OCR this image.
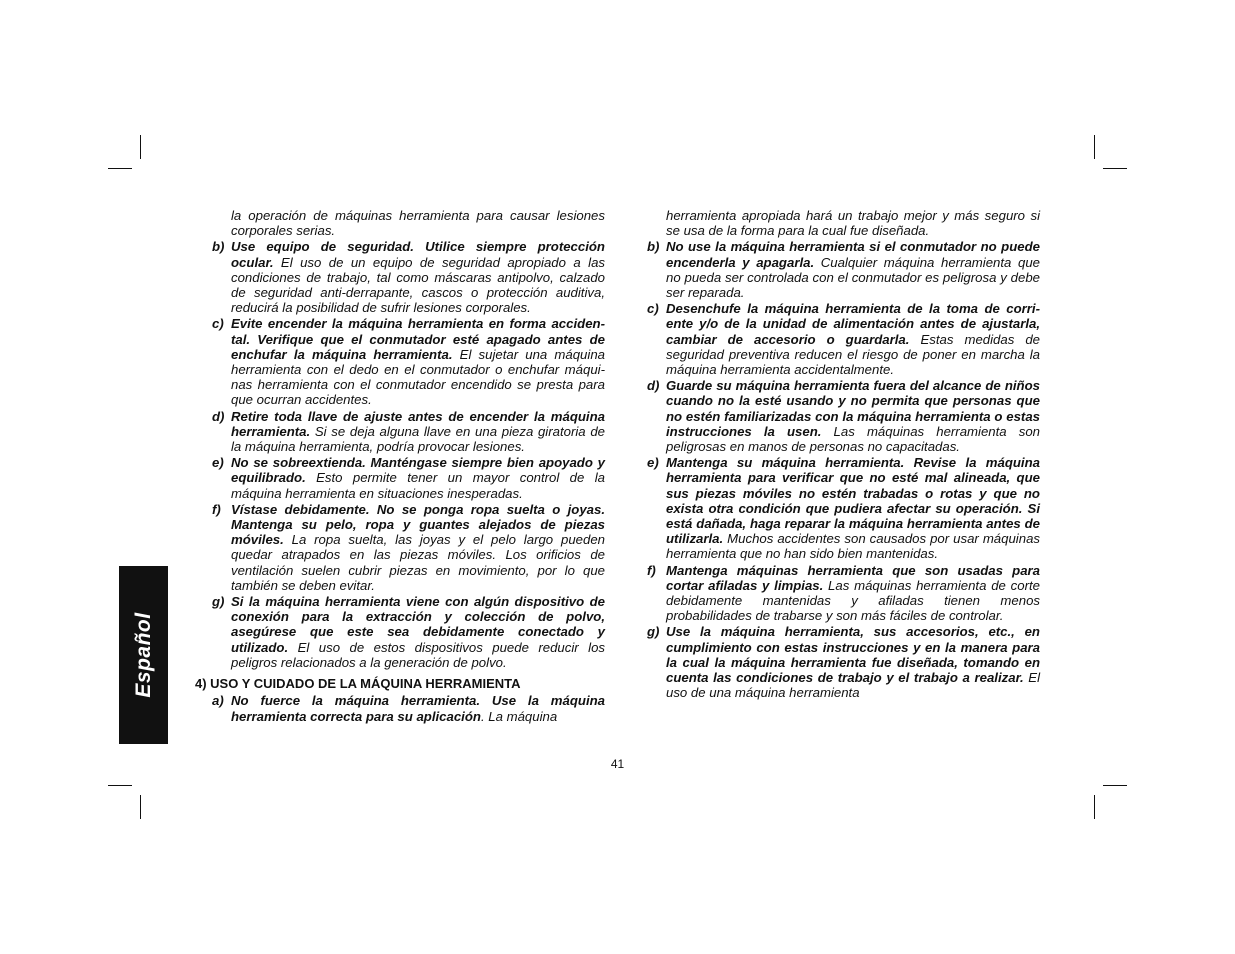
Español

la operación de máquinas herramienta para causar lesiones corporales serias.

b) Use equipo de seguridad. Utilice siempre protección ocular. El uso de un equipo de seguridad apropiado a las condiciones de trabajo, tal como máscaras antipolvo, calzado de seguridad anti-derrapante, cascos o protección auditiva, reducirá la posibilidad de sufrir lesiones corporales.
c) Evite encender la máquina herramienta en forma accidental. Verifique que el conmutador esté apagado antes de enchufar la máquina herramienta. El sujetar una máquina herramienta con el dedo en el conmutador o enchufar máquinas herramienta con el conmutador encendido se presta para que ocurran accidentes.
d) Retire toda llave de ajuste antes de encender la máquina herramienta. Si se deja alguna llave en una pieza giratoria de la máquina herramienta, podría provocar lesiones.
e) No se sobreextienda. Manténgase siempre bien apoyado y equilibrado. Esto permite tener un mayor control de la máquina herramienta en situaciones inesperadas.
f) Vístase debidamente. No se ponga ropa suelta o joyas. Mantenga su pelo, ropa y guantes alejados de piezas móviles. La ropa suelta, las joyas y el pelo largo pueden quedar atrapados en las piezas móviles. Los orificios de ventilación suelen cubrir piezas en movimiento, por lo que también se deben evitar.
g) Si la máquina herramienta viene con algún dispositivo de conexión para la extracción y colección de polvo, asegúrese que este sea debidamente conectado y utilizado. El uso de estos dispositivos puede reducir los peligros relacionados a la generación de polvo.
4) USO Y CUIDADO DE LA MÁQUINA HERRAMIENTA
a) No fuerce la máquina herramienta. Use la máquina herramienta correcta para su aplicación. La máquina

herramienta apropiada hará un trabajo mejor y más seguro si se usa de la forma para la cual fue diseñada.

b) No use la máquina herramienta si el conmutador no puede encenderla y apagarla. Cualquier máquina herramienta que no pueda ser controlada con el conmutador es peligrosa y debe ser reparada.
c) Desenchufe la máquina herramienta de la toma de corriente y/o de la unidad de alimentación antes de ajustarla, cambiar de accesorio o guardarla. Estas medidas de seguridad preventiva reducen el riesgo de poner en marcha la máquina herramienta accidentalmente.
d) Guarde su máquina herramienta fuera del alcance de niños cuando no la esté usando y no permita que personas que no estén familiarizadas con la máquina herramienta o estas instrucciones la usen. Las máquinas herramienta son peligrosas en manos de personas no capacitadas.
e) Mantenga su máquina herramienta. Revise la máquina herramienta para verificar que no esté mal alineada, que sus piezas móviles no estén trabadas o rotas y que no exista otra condición que pudiera afectar su operación. Si está dañada, haga reparar la máquina herramienta antes de utilizarla. Muchos accidentes son causados por usar máquinas herramienta que no han sido bien mantenidas.
f) Mantenga máquinas herramienta que son usadas para cortar afiladas y limpias. Las máquinas herramienta de corte debidamente mantenidas y afiladas tienen menos probabilidades de trabarse y son más fáciles de controlar.
g) Use la máquina herramienta, sus accesorios, etc., en cumplimiento con estas instrucciones y en la manera para la cual la máquina herramienta fue diseñada, tomando en cuenta las condiciones de trabajo y el trabajo a realizar. El uso de una máquina herramienta
41
